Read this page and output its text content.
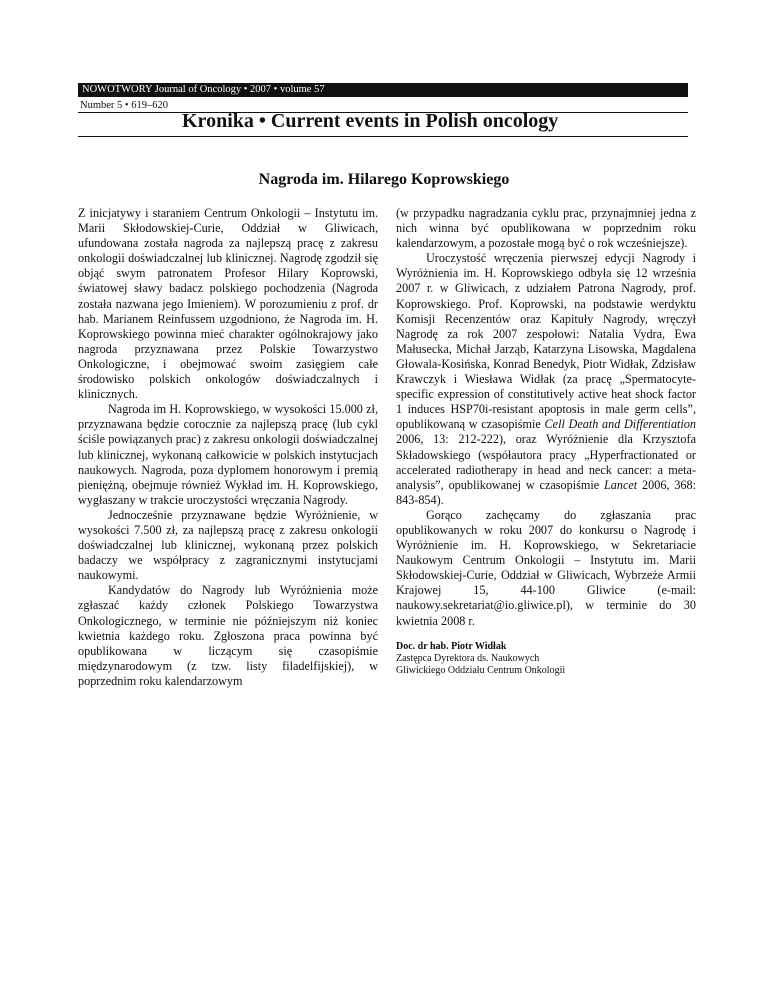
NOWOTWORY Journal of Oncology • 2007 • volume 57
Number 5 • 619–620
Kronika • Current events in Polish oncology
Nagroda im. Hilarego Koprowskiego

Z inicjatywy i staraniem Centrum Onkologii – Instytutu im. Marii Skłodowskiej-Curie, Oddział w Gliwicach, ufundowana została nagroda za najlepszą pracę z zakresu onkologii doświadczalnej lub klinicznej. Nagrodę zgodził się objąć swym patronatem Profesor Hilary Koprowski, światowej sławy badacz polskiego pochodzenia (Nagroda została nazwana jego Imieniem). W porozumieniu z prof. dr hab. Marianem Reinfussem uzgodniono, że Nagroda im. H. Koprowskiego powinna mieć charakter ogólnokrajowy jako nagroda przyznawana przez Polskie Towarzystwo Onkologiczne, i obejmować swoim zasięgiem całe środowisko polskich onkologów doświadczalnych i klinicznych.

Nagroda im H. Koprowskiego, w wysokości 15.000 zł, przyznawana będzie corocznie za najlepszą pracę (lub cykl ściśle powiązanych prac) z zakresu onkologii doświadczalnej lub klinicznej, wykonaną całkowicie w polskich instytucjach naukowych. Nagroda, poza dyplomem honorowym i premią pieniężną, obejmuje również Wykład im. H. Koprowskiego, wygłaszany w trakcie uroczystości wręczania Nagrody.

Jednocześnie przyznawane będzie Wyróżnienie, w wysokości 7.500 zł, za najlepszą pracę z zakresu onkologii doświadczalnej lub klinicznej, wykonaną przez polskich badaczy we współpracy z zagranicznymi instytucjami naukowymi.

Kandydatów do Nagrody lub Wyróżnienia może zgłaszać każdy członek Polskiego Towarzystwa Onkologicznego, w terminie nie późniejszym niż koniec kwietnia każdego roku. Zgłoszona praca powinna być opublikowana w liczącym się czasopiśmie międzynarodowym (z tzw. listy filadelfijskiej), w poprzednim roku kalendarzowym

(w przypadku nagradzania cyklu prac, przynajmniej jedna z nich winna być opublikowana w poprzednim roku kalendarzowym, a pozostałe mogą być o rok wcześniejsze).

Uroczystość wręczenia pierwszej edycji Nagrody i Wyróżnienia im. H. Koprowskiego odbyła się 12 września 2007 r. w Gliwicach, z udziałem Patrona Nagrody, prof. Koprowskiego. Prof. Koprowski, na podstawie werdyktu Komisji Recenzentów oraz Kapituły Nagrody, wręczył Nagrodę za rok 2007 zespołowi: Natalia Vydra, Ewa Małusecka, Michał Jarząb, Katarzyna Lisowska, Magdalena Głowala-Kosińska, Konrad Benedyk, Piotr Widłak, Zdzisław Krawczyk i Wiesława Widłak (za pracę „Spermatocyte-specific expression of constitutively active heat shock factor 1 induces HSP70i-resistant apoptosis in male germ cells”, opublikowaną w czasopiśmie Cell Death and Differentiation 2006, 13: 212-222), oraz Wyróżnienie dla Krzysztofa Składowskiego (współautora pracy „Hyperfractionated or accelerated radiotherapy in head and neck cancer: a meta-analysis”, opublikowanej w czasopiśmie Lancet 2006, 368: 843-854).

Gorąco zachęcamy do zgłaszania prac opublikowanych w roku 2007 do konkursu o Nagrodę i Wyróżnienie im. H. Koprowskiego, w Sekretariacie Naukowym Centrum Onkologii – Instytutu im. Marii Skłodowskiej-Curie, Oddział w Gliwicach, Wybrzeże Armii Krajowej 15, 44-100 Gliwice (e-mail: naukowy.sekretariat@io.gliwice.pl), w terminie do 30 kwietnia 2008 r.

Doc. dr hab. Piotr Widłak
Zastępca Dyrektora ds. Naukowych
Gliwickiego Oddziału Centrum Onkologii
